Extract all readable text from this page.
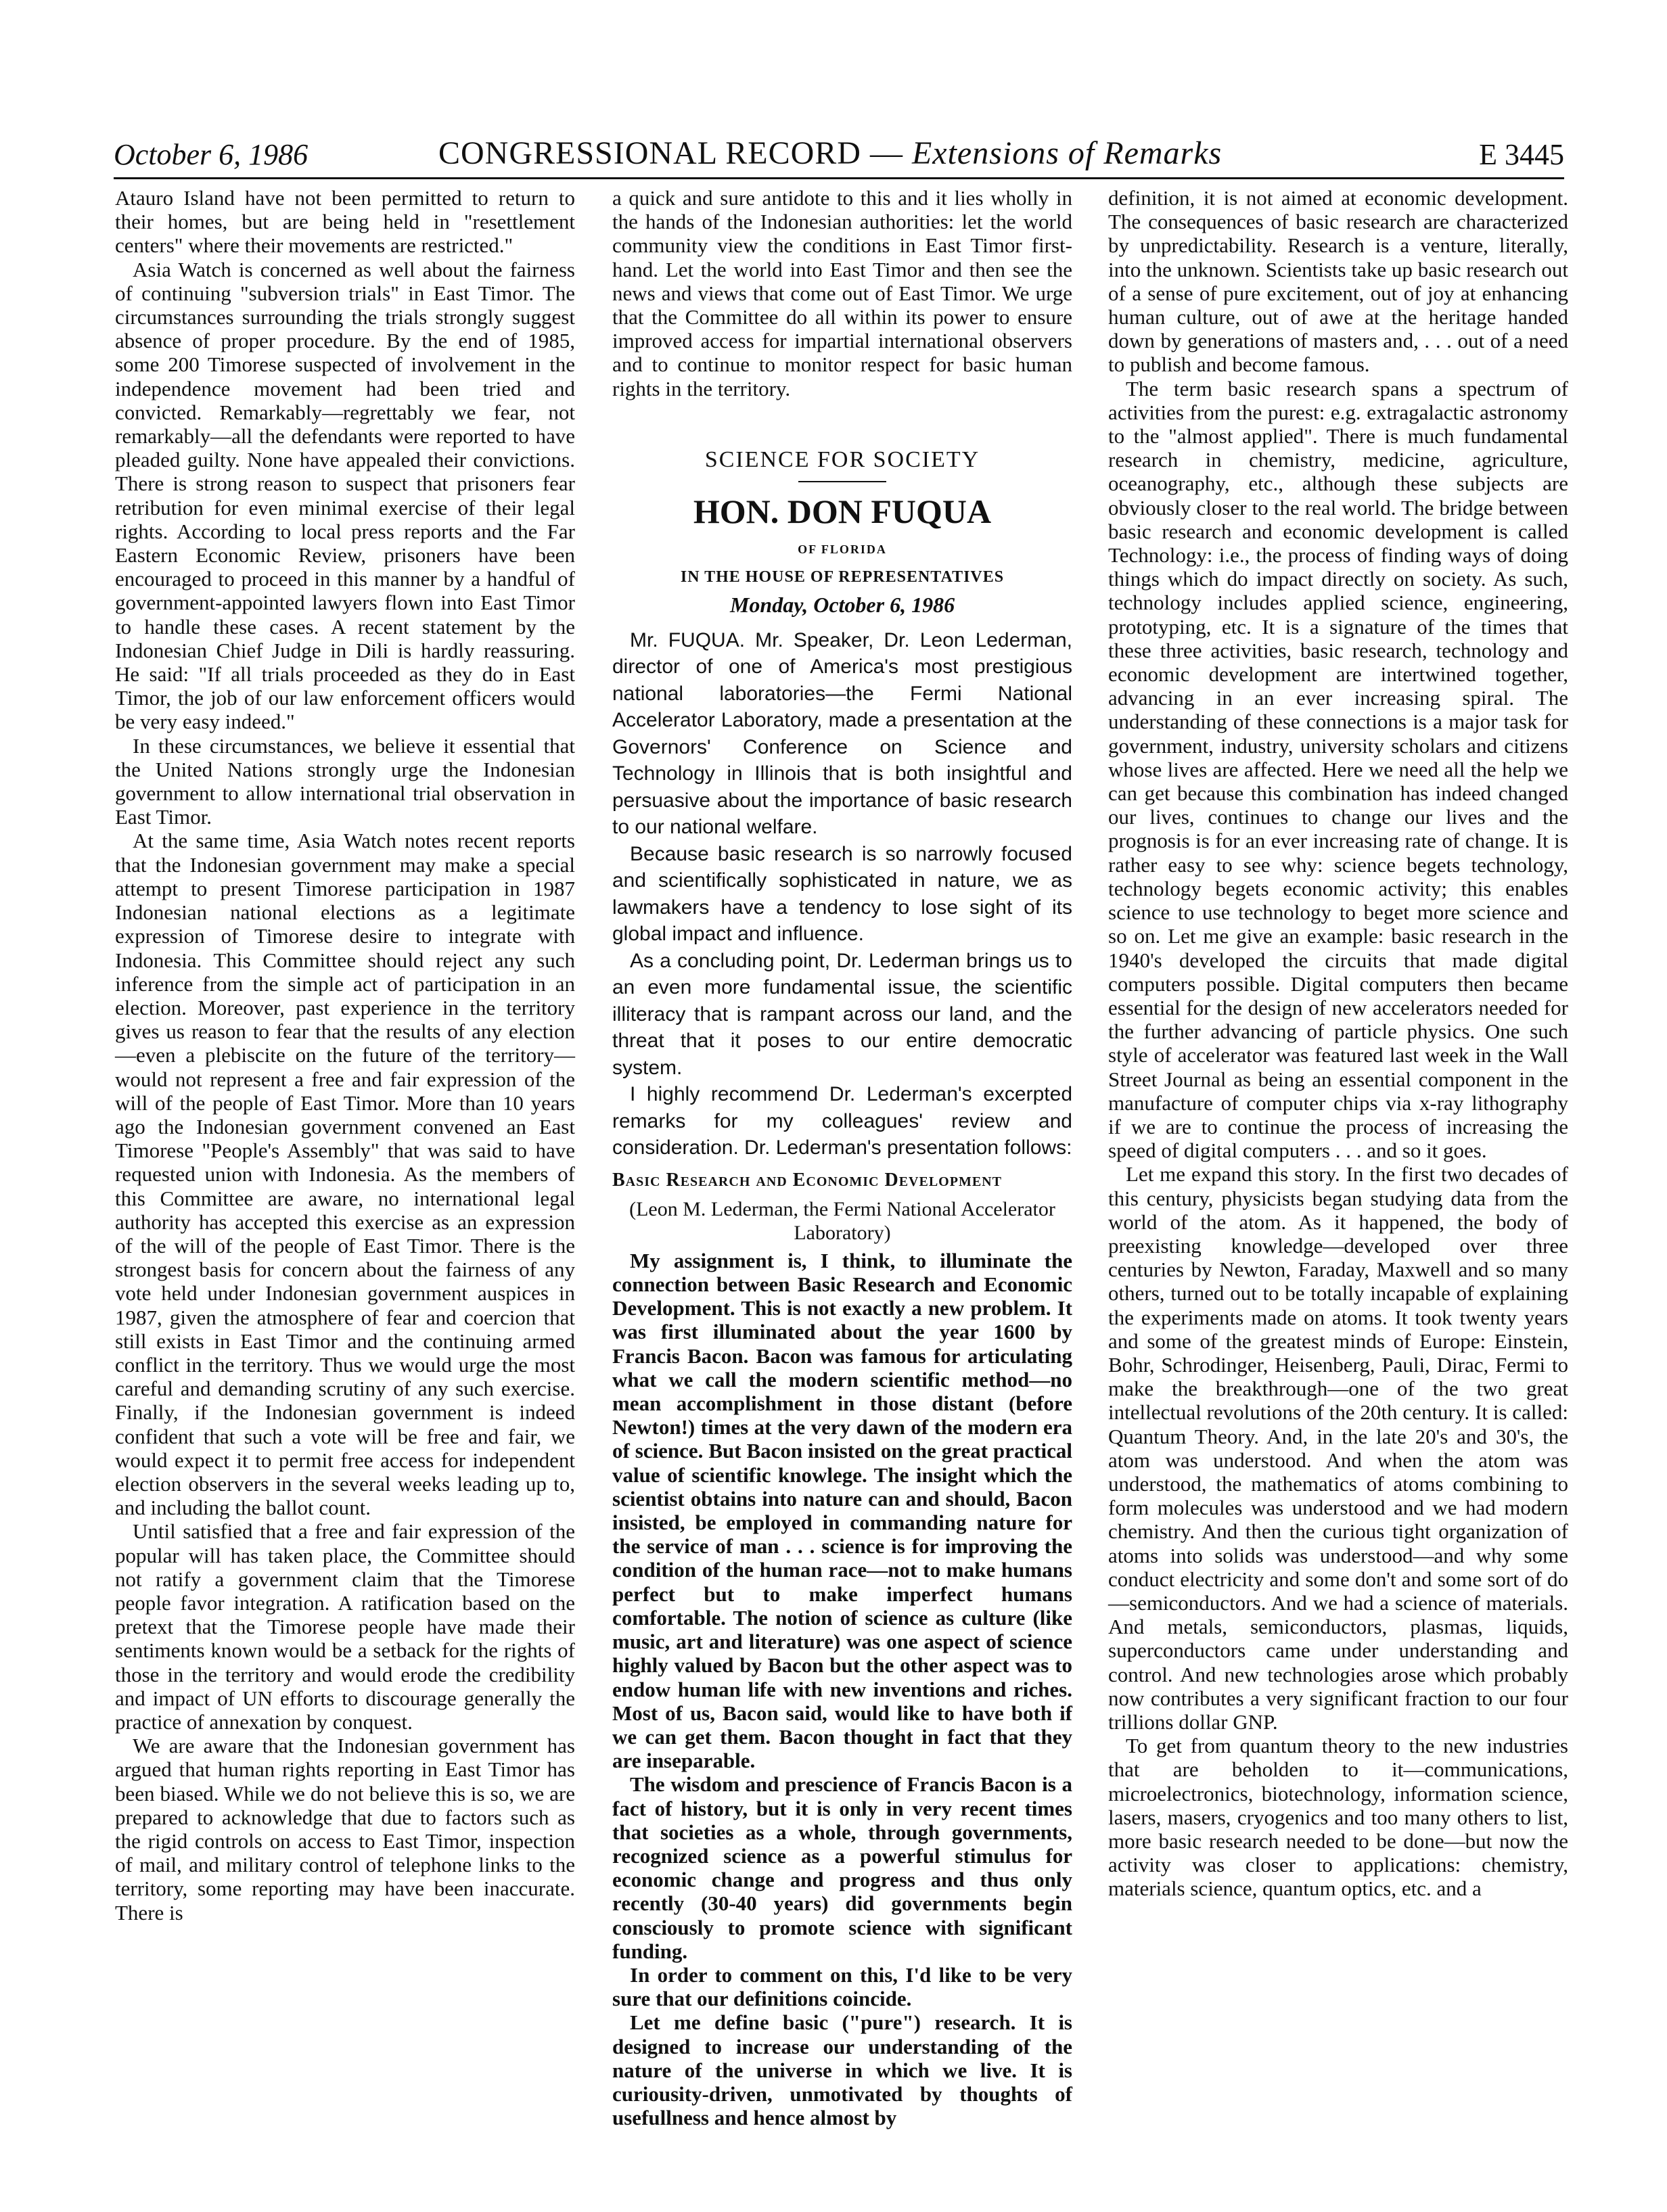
October 6, 1986	CONGRESSIONAL RECORD — Extensions of Remarks	E 3445

Atauro Island have not been permitted to return to their homes, but are being held in "resettlement centers" where their movements are restricted."

Asia Watch is concerned as well about the fairness of continuing "subversion trials" in East Timor. The circumstances surrounding the trials strongly suggest absence of proper procedure. By the end of 1985, some 200 Timorese suspected of involvement in the independence movement had been tried and convicted. Remarkably—regrettably we fear, not remarkably—all the defendants were reported to have pleaded guilty. None have appealed their convictions. There is strong reason to suspect that prisoners fear retribution for even minimal exercise of their legal rights. According to local press reports and the Far Eastern Economic Review, prisoners have been encouraged to proceed in this manner by a handful of government-appointed lawyers flown into East Timor to handle these cases. A recent statement by the Indonesian Chief Judge in Dili is hardly reassuring. He said: "If all trials proceeded as they do in East Timor, the job of our law enforcement officers would be very easy indeed."

In these circumstances, we believe it essential that the United Nations strongly urge the Indonesian government to allow international trial observation in East Timor.

At the same time, Asia Watch notes recent reports that the Indonesian government may make a special attempt to present Timorese participation in 1987 Indonesian national elections as a legitimate expression of Timorese desire to integrate with Indonesia. This Committee should reject any such inference from the simple act of participation in an election. Moreover, past experience in the territory gives us reason to fear that the results of any election—even a plebiscite on the future of the territory—would not represent a free and fair expression of the will of the people of East Timor. More than 10 years ago the Indonesian government convened an East Timorese "People's Assembly" that was said to have requested union with Indonesia. As the members of this Committee are aware, no international legal authority has accepted this exercise as an expression of the will of the people of East Timor. There is the strongest basis for concern about the fairness of any vote held under Indonesian government auspices in 1987, given the atmosphere of fear and coercion that still exists in East Timor and the continuing armed conflict in the territory. Thus we would urge the most careful and demanding scrutiny of any such exercise. Finally, if the Indonesian government is indeed confident that such a vote will be free and fair, we would expect it to permit free access for independent election observers in the several weeks leading up to, and including the ballot count.

Until satisfied that a free and fair expression of the popular will has taken place, the Committee should not ratify a government claim that the Timorese people favor integration. A ratification based on the pretext that the Timorese people have made their sentiments known would be a setback for the rights of those in the territory and would erode the credibility and impact of UN efforts to discourage generally the practice of annexation by conquest.

We are aware that the Indonesian government has argued that human rights reporting in East Timor has been biased. While we do not believe this is so, we are prepared to acknowledge that due to factors such as the rigid controls on access to East Timor, inspection of mail, and military control of telephone links to the territory, some reporting may have been inaccurate. There is

a quick and sure antidote to this and it lies wholly in the hands of the Indonesian authorities: let the world community view the conditions in East Timor first-hand. Let the world into East Timor and then see the news and views that come out of East Timor. We urge that the Committee do all within its power to ensure improved access for impartial international observers and to continue to monitor respect for basic human rights in the territory.

SCIENCE FOR SOCIETY
HON. DON FUQUA
OF FLORIDA
IN THE HOUSE OF REPRESENTATIVES
Monday, October 6, 1986

Mr. FUQUA. Mr. Speaker, Dr. Leon Lederman, director of one of America's most prestigious national laboratories—the Fermi National Accelerator Laboratory, made a presentation at the Governors' Conference on Science and Technology in Illinois that is both insightful and persuasive about the importance of basic research to our national welfare.

Because basic research is so narrowly focused and scientifically sophisticated in nature, we as lawmakers have a tendency to lose sight of its global impact and influence.

As a concluding point, Dr. Lederman brings us to an even more fundamental issue, the scientific illiteracy that is rampant across our land, and the threat that it poses to our entire democratic system.

I highly recommend Dr. Lederman's excerpted remarks for my colleagues' review and consideration. Dr. Lederman's presentation follows:

Basic Research and Economic Development
(Leon M. Lederman, the Fermi National Accelerator Laboratory)

My assignment is, I think, to illuminate the connection between Basic Research and Economic Development. This is not exactly a new problem. It was first illuminated about the year 1600 by Francis Bacon. Bacon was famous for articulating what we call the modern scientific method—no mean accomplishment in those distant (before Newton!) times at the very dawn of the modern era of science. But Bacon insisted on the great practical value of scientific knowlege. The insight which the scientist obtains into nature can and should, Bacon insisted, be employed in commanding nature for the service of man . . . science is for improving the condition of the human race—not to make humans perfect but to make imperfect humans comfortable. The notion of science as culture (like music, art and literature) was one aspect of science highly valued by Bacon but the other aspect was to endow human life with new inventions and riches. Most of us, Bacon said, would like to have both if we can get them. Bacon thought in fact that they are inseparable.

The wisdom and prescience of Francis Bacon is a fact of history, but it is only in very recent times that societies as a whole, through governments, recognized science as a powerful stimulus for economic change and progress and thus only recently (30-40 years) did governments begin consciously to promote science with significant funding.

In order to comment on this, I'd like to be very sure that our definitions coincide.

Let me define basic ("pure") research. It is designed to increase our understanding of the nature of the universe in which we live. It is curiousity-driven, unmotivated by thoughts of usefullness and hence almost by

definition, it is not aimed at economic development. The consequences of basic research are characterized by unpredictability. Research is a venture, literally, into the unknown. Scientists take up basic research out of a sense of pure excitement, out of joy at enhancing human culture, out of awe at the heritage handed down by generations of masters and, . . . out of a need to publish and become famous.

The term basic research spans a spectrum of activities from the purest: e.g. extragalactic astronomy to the "almost applied". There is much fundamental research in chemistry, medicine, agriculture, oceanography, etc., although these subjects are obviously closer to the real world. The bridge between basic research and economic development is called Technology: i.e., the process of finding ways of doing things which do impact directly on society. As such, technology includes applied science, engineering, prototyping, etc. It is a signature of the times that these three activities, basic research, technology and economic development are intertwined together, advancing in an ever increasing spiral. The understanding of these connections is a major task for government, industry, university scholars and citizens whose lives are affected. Here we need all the help we can get because this combination has indeed changed our lives, continues to change our lives and the prognosis is for an ever increasing rate of change. It is rather easy to see why: science begets technology, technology begets economic activity; this enables science to use technology to beget more science and so on. Let me give an example: basic research in the 1940's developed the circuits that made digital computers possible. Digital computers then became essential for the design of new accelerators needed for the further advancing of particle physics. One such style of accelerator was featured last week in the Wall Street Journal as being an essential component in the manufacture of computer chips via x-ray lithography if we are to continue the process of increasing the speed of digital computers . . . and so it goes.

Let me expand this story. In the first two decades of this century, physicists began studying data from the world of the atom. As it happened, the body of preexisting knowledge—developed over three centuries by Newton, Faraday, Maxwell and so many others, turned out to be totally incapable of explaining the experiments made on atoms. It took twenty years and some of the greatest minds of Europe: Einstein, Bohr, Schrodinger, Heisenberg, Pauli, Dirac, Fermi to make the breakthrough—one of the two great intellectual revolutions of the 20th century. It is called: Quantum Theory. And, in the late 20's and 30's, the atom was understood. And when the atom was understood, the mathematics of atoms combining to form molecules was understood and we had modern chemistry. And then the curious tight organization of atoms into solids was understood—and why some conduct electricity and some don't and some sort of do—semiconductors. And we had a science of materials. And metals, semiconductors, plasmas, liquids, superconductors came under understanding and control. And new technologies arose which probably now contributes a very significant fraction to our four trillions dollar GNP.

To get from quantum theory to the new industries that are beholden to it—communications, microelectronics, biotechnology, information science, lasers, masers, cryogenics and too many others to list, more basic research needed to be done—but now the activity was closer to applications: chemistry, materials science, quantum optics, etc. and a
